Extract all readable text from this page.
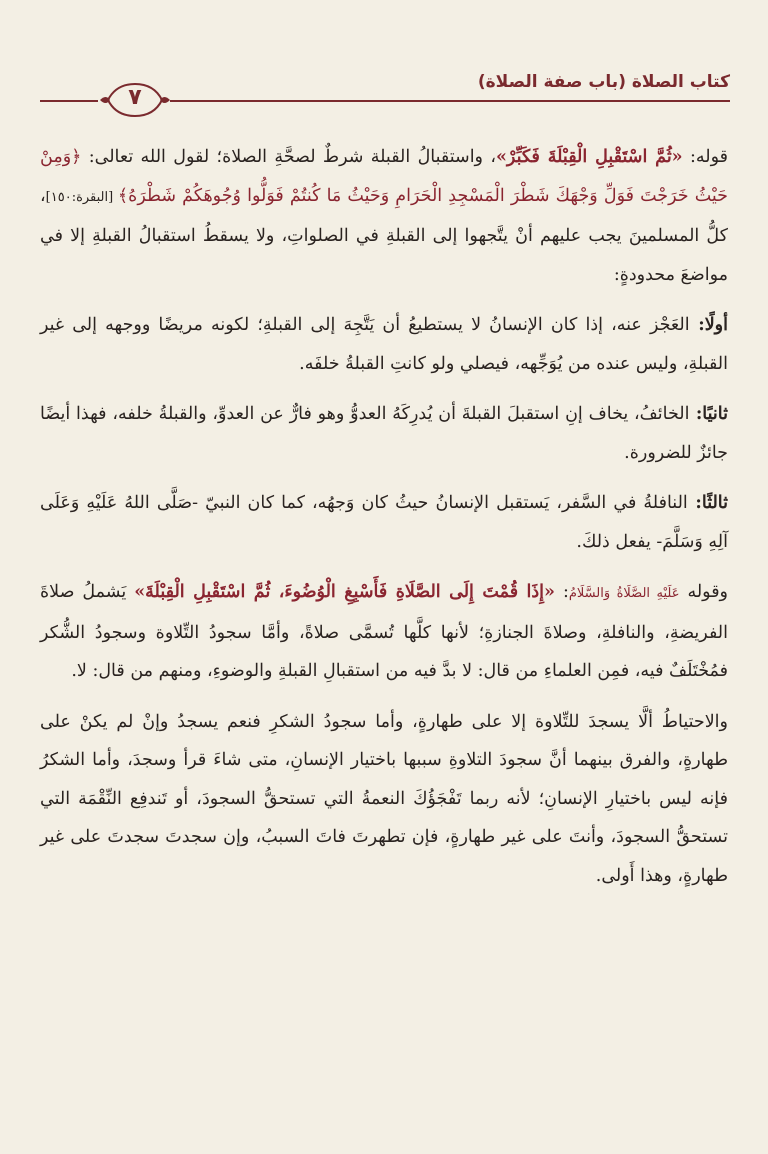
كتاب الصلاة (باب صفة الصلاة)
٧

قوله: «ثُمَّ اسْتَقْبِلِ الْقِبْلَةَ فَكَبِّرْ»، واستقبالُ القبلة شرطٌ لصحَّةِ الصلاة؛ لقول الله تعالى: ﴿وَمِنْ حَيْثُ خَرَجْتَ فَوَلِّ وَجْهَكَ شَطْرَ الْمَسْجِدِ الْحَرَامِ وَحَيْثُ مَا كُنتُمْ فَوَلُّوا وُجُوهَكُمْ شَطْرَهُ﴾ [البقرة:١٥٠]، كلُّ المسلمينَ يجب عليهم أنْ يتَّجهوا إلى القبلةِ في الصلواتِ، ولا يسقطُ استقبالُ القبلةِ إلا في مواضعَ محدودةٍ:

أولًا: العَجْز عنه، إذا كان الإنسانُ لا يستطيعُ أن يَتَّجِهَ إلى القبلةِ؛ لكونه مريضًا ووجهه إلى غير القبلةِ، وليس عنده من يُوَجِّهه، فيصلي ولو كانتِ القبلةُ خلفَه.

ثانيًا: الخائفُ، يخاف إنِ استقبلَ القبلةَ أن يُدرِكَهُ العدوُّ وهو فارٌّ عن العدوِّ، والقبلةُ خلفه، فهذا أيضًا جائزٌ للضرورة.

ثالثًا: النافلةُ في السَّفر، يَستقبل الإنسانُ حيثُ كان وَجهُه، كما كان النبيّ -صَلَّى اللهُ عَلَيْهِ وَعَلَى آلِهِ وَسَلَّمَ- يفعل ذلكَ.

وقوله عَلَيْهِ الصَّلَاةُ وَالسَّلَامُ: «إِذَا قُمْتَ إِلَى الصَّلَاةِ فَأَسْبِغِ الْوُضُوءَ، ثُمَّ اسْتَقْبِلِ الْقِبْلَةَ» يَشملُ صلاةَ الفريضةِ، والنافلةِ، وصلاةَ الجنازةِ؛ لأنها كلَّها تُسمَّى صلاةً، وأمَّا سجودُ التِّلاوة وسجودُ الشُّكر فمُخْتَلَفٌ فيه، فمِن العلماءِ من قال: لا بدَّ فيه من استقبالِ القبلةِ والوضوءِ، ومنهم من قال: لا.

والاحتياطُ ألَّا يسجدَ للتِّلاوة إلا على طهارةٍ، وأما سجودُ الشكرِ فنعم يسجدُ وإنْ لم يكنْ على طهارةٍ، والفرق بينهما أنَّ سجودَ التلاوةِ سببها باختيار الإنسانِ، متى شاءَ قرأ وسجدَ، وأما الشكرُ فإنه ليس باختيارِ الإنسانِ؛ لأنه ربما تَفْجَؤُكَ النعمةُ التي تستحقُّ السجودَ، أو تَندفِع النِّقْمَة التي تستحقُّ السجودَ، وأنتَ على غير طهارةٍ، فإن تطهرتَ فاتَ السببُ، وإن سجدتَ سجدتَ على غير طهارةٍ، وهذا أَولى.
